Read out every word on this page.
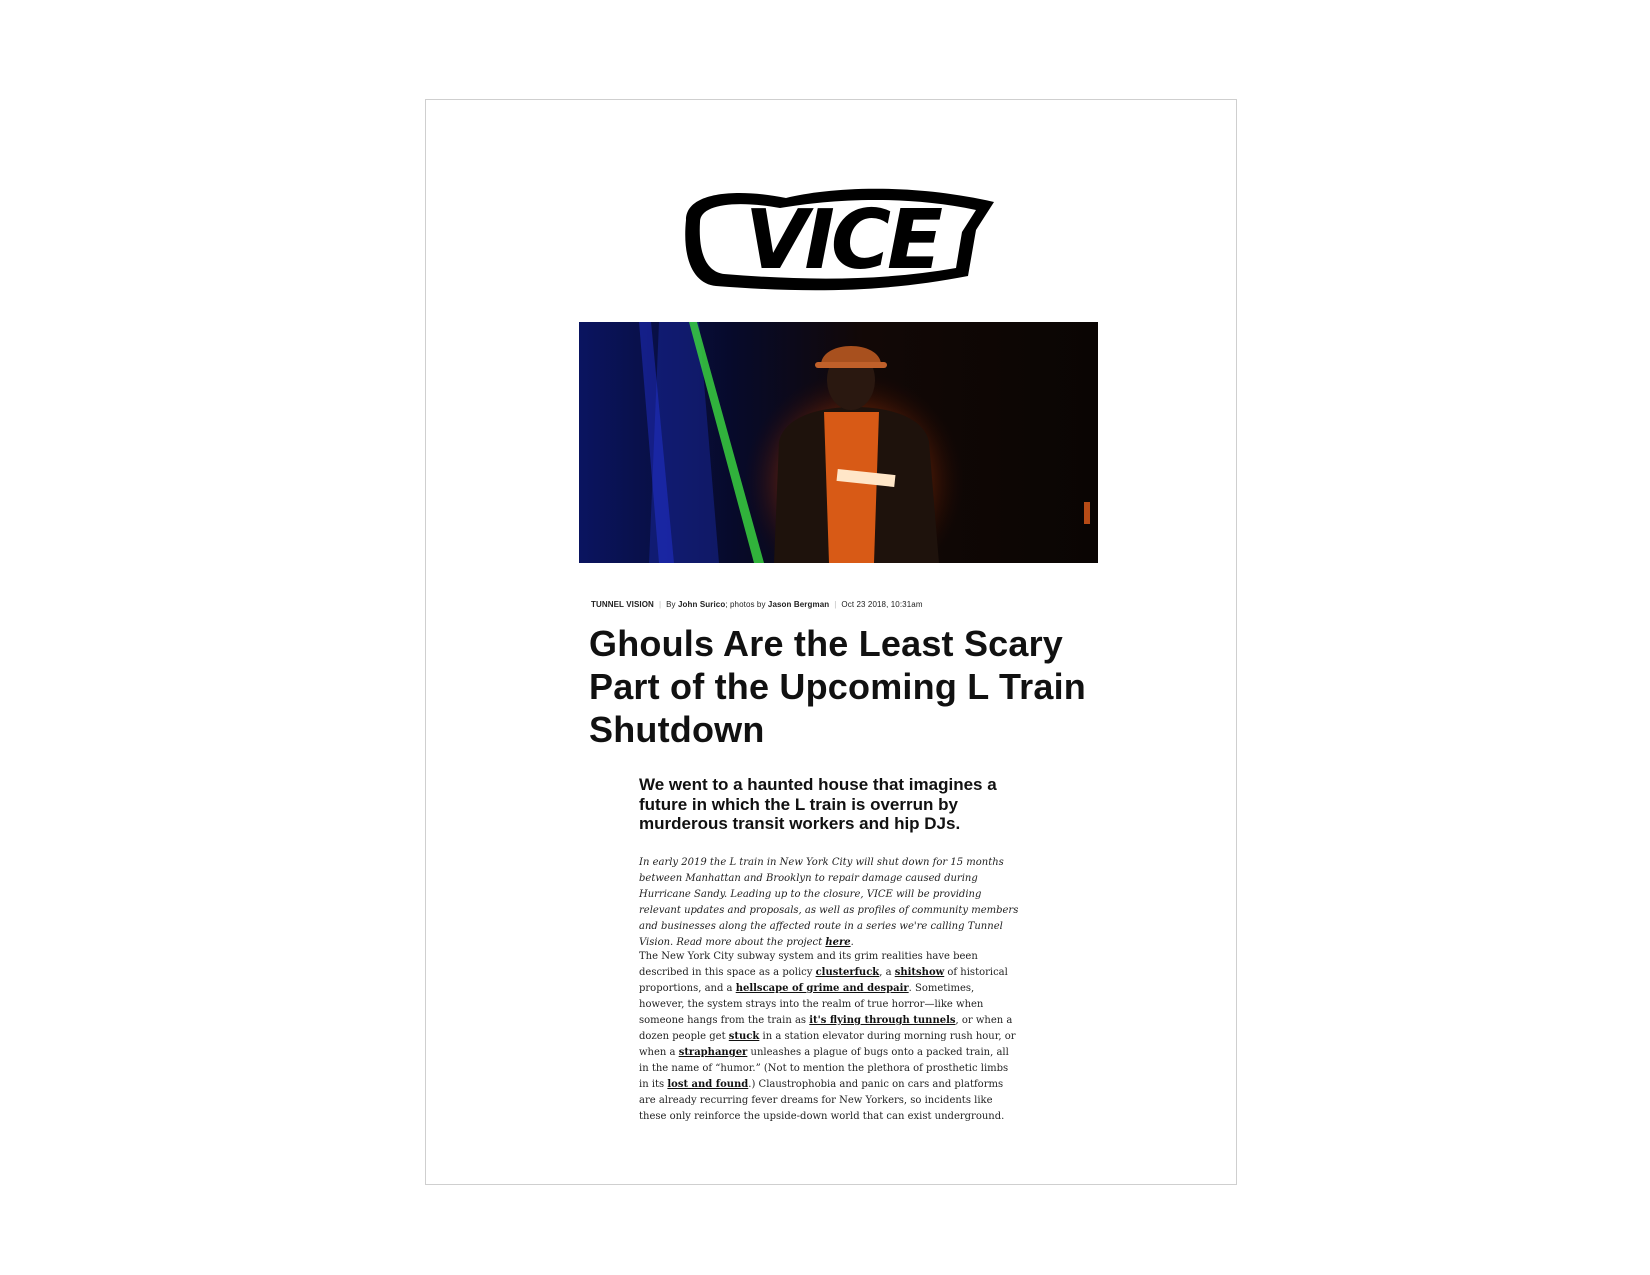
VICE
TUNNEL VISION | By John Surico; photos by Jason Bergman | Oct 23 2018, 10:31am
Ghouls Are the Least Scary Part of the Upcoming L Train Shutdown
We went to a haunted house that imagines a future in which the L train is overrun by murderous transit workers and hip DJs.

In early 2019 the L train in New York City will shut down for 15 months between Manhattan and Brooklyn to repair damage caused during Hurricane Sandy. Leading up to the closure, VICE will be providing relevant updates and proposals, as well as profiles of community members and businesses along the affected route in a series we're calling Tunnel Vision. Read more about the project here.

The New York City subway system and its grim realities have been described in this space as a policy clusterfuck, a shitshow of historical proportions, and a hellscape of grime and despair. Sometimes, however, the system strays into the realm of true horror—like when someone hangs from the train as it's flying through tunnels, or when a dozen people get stuck in a station elevator during morning rush hour, or when a straphanger unleashes a plague of bugs onto a packed train, all in the name of “humor.” (Not to mention the plethora of prosthetic limbs in its lost and found.) Claustrophobia and panic on cars and platforms are already recurring fever dreams for New Yorkers, so incidents like these only reinforce the upside-down world that can exist underground.
